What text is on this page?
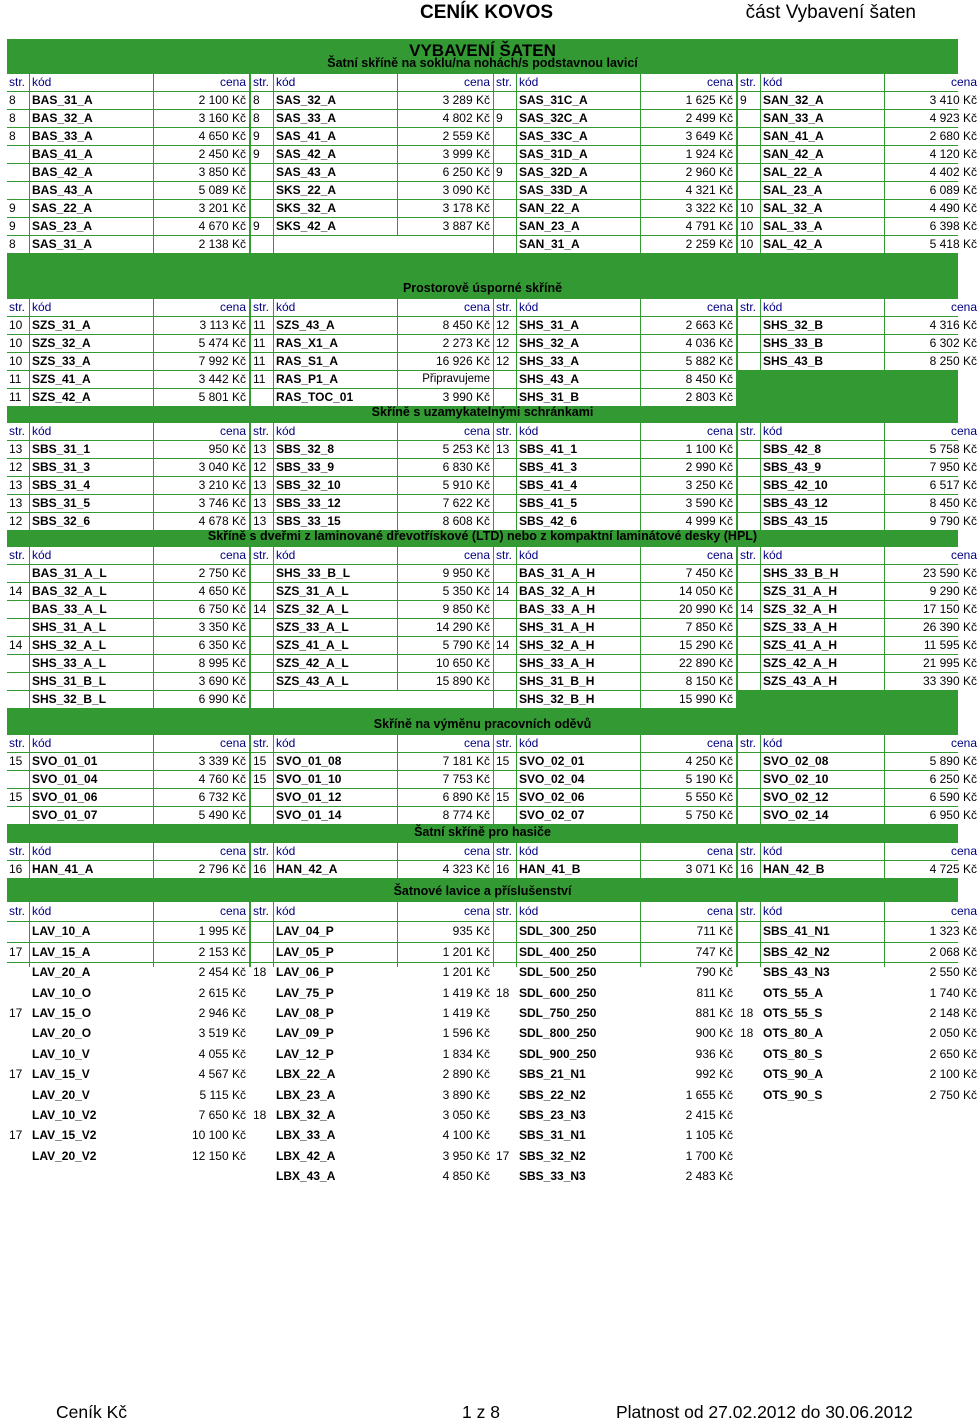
CENÍK KOVOS	část Vybavení šaten
VYBAVENÍ ŠATEN
Šatní skříně na soklu/na nohách/s podstavnou lavicí
str. kód	cena str. kód	cena str. kód	cena str. kód	cena
8	BAS_31_A	2 100 Kč 8	SAS_32_A	3 289 Kč SAS_31C_A	1 625 Kč 9	SAN_32_A	3 410 Kč
8	BAS_32_A	3 160 Kč 8	SAS_33_A	4 802 Kč 9	SAS_32C_A	2 499 Kč	SAN_33_A	4 923 Kč
8	BAS_33_A	4 650 Kč 9	SAS_41_A	2 559 Kč SAS_33C_A	3 649 Kč	SAN_41_A	2 680 Kč
BAS_41_A	2 450 Kč 9	SAS_42_A	3 999 Kč SAS_31D_A	1 924 Kč	SAN_42_A	4 120 Kč
BAS_42_A	3 850 Kč	SAS_43_A	6 250 Kč 9	SAS_32D_A	2 960 Kč	SAL_22_A	4 402 Kč
BAS_43_A	5 089 Kč	SKS_22_A	3 090 Kč SAS_33D_A	4 321 Kč	SAL_23_A	6 089 Kč
9	SAS_22_A	3 201 Kč	SKS_32_A	3 178 Kč SAN_22_A	3 322 Kč 10 SAL_32_A	4 490 Kč
9	SAS_23_A	4 670 Kč 9	SKS_42_A	3 887 Kč SAN_23_A	4 791 Kč 10 SAL_33_A	6 398 Kč
8	SAS_31_A	2 138 Kč	SAN_31_A	2 259 Kč 10 SAL_42_A	5 418 Kč
Prostorově úsporné skříně
str. kód	cena str. kód	cena str. kód	cena str. kód	cena
10 SZS_31_A	3 113 Kč 11 SZS_43_A	8 450 Kč 12 SHS_31_A	2 663 Kč	SHS_32_B	4 316 Kč
10 SZS_32_A	5 474 Kč 11 RAS_X1_A	2 273 Kč 12 SHS_32_A	4 036 Kč	SHS_33_B	6 302 Kč
10 SZS_33_A	7 992 Kč 11 RAS_S1_A	16 926 Kč 12 SHS_33_A	5 882 Kč	SHS_43_B	8 250 Kč
11 SZS_41_A	3 442 Kč 11 RAS_P1_A	Připravujeme SHS_43_A	8 450 Kč
11 SZS_42_A	5 801 Kč	RAS_TOC_01	3 990 Kč SHS_31_B	2 803 Kč
Skříně s uzamykatelnými schránkami
str. kód	cena str. kód	cena str. kód	cena str. kód	cena
13 SBS_31_1	950 Kč 13 SBS_32_8	5 253 Kč 13 SBS_41_1	1 100 Kč	SBS_42_8	5 758 Kč
12 SBS_31_3	3 040 Kč 12 SBS_33_9	6 830 Kč SBS_41_3	2 990 Kč	SBS_43_9	7 950 Kč
13 SBS_31_4	3 210 Kč 13 SBS_32_10	5 910 Kč SBS_41_4	3 250 Kč	SBS_42_10	6 517 Kč
13 SBS_31_5	3 746 Kč 13 SBS_33_12	7 622 Kč SBS_41_5	3 590 Kč	SBS_43_12	8 450 Kč
12 SBS_32_6	4 678 Kč 13 SBS_33_15	8 608 Kč SBS_42_6	4 999 Kč	SBS_43_15	9 790 Kč
Skříně s dveřmi z laminované dřevotřískové (LTD) nebo z kompaktní laminátové desky (HPL)
str. kód	cena str. kód	cena str. kód	cena str. kód	cena
BAS_31_A_L	2 750 Kč	SHS_33_B_L	9 950 Kč BAS_31_A_H	7 450 Kč	SHS_33_B_H	23 590 Kč
14 BAS_32_A_L	4 650 Kč	SZS_31_A_L	5 350 Kč 14 BAS_32_A_H	14 050 Kč	SZS_31_A_H	9 290 Kč
BAS_33_A_L	6 750 Kč 14 SZS_32_A_L	9 850 Kč BAS_33_A_H	20 990 Kč 14 SZS_32_A_H	17 150 Kč
SHS_31_A_L	3 350 Kč	SZS_33_A_L	14 290 Kč SHS_31_A_H	7 850 Kč	SZS_33_A_H	26 390 Kč
14 SHS_32_A_L	6 350 Kč	SZS_41_A_L	5 790 Kč 14 SHS_32_A_H	15 290 Kč	SZS_41_A_H	11 595 Kč
SHS_33_A_L	8 995 Kč	SZS_42_A_L	10 650 Kč SHS_33_A_H	22 890 Kč	SZS_42_A_H	21 995 Kč
SHS_31_B_L	3 690 Kč	SZS_43_A_L	15 890 Kč SHS_31_B_H	8 150 Kč	SZS_43_A_H	33 390 Kč
SHS_32_B_L	6 990 Kč	SHS_32_B_H	15 990 Kč
Skříně na výměnu pracovních oděvů
str. kód	cena str. kód	cena str. kód	cena str. kód	cena
15 SVO_01_01	3 339 Kč 15 SVO_01_08	7 181 Kč 15 SVO_02_01	4 250 Kč	SVO_02_08	5 890 Kč
SVO_01_04	4 760 Kč 15 SVO_01_10	7 753 Kč SVO_02_04	5 190 Kč	SVO_02_10	6 250 Kč
15 SVO_01_06	6 732 Kč	SVO_01_12	6 890 Kč 15 SVO_02_06	5 550 Kč	SVO_02_12	6 590 Kč
SVO_01_07	5 490 Kč	SVO_01_14	8 774 Kč SVO_02_07	5 750 Kč	SVO_02_14	6 950 Kč
Šatní skříně pro hasiče
str. kód	cena str. kód	cena str. kód	cena str. kód	cena
16 HAN_41_A	2 796 Kč 16 HAN_42_A	4 323 Kč 16 HAN_41_B	3 071 Kč 16 HAN_42_B	4 725 Kč
Šatnové lavice a příslušenství
str. kód	cena str. kód	cena str. kód	cena str. kód	cena
LAV_10_A	1 995 Kč	LAV_04_P	935 Kč SDL_300_250	711 Kč	SBS_41_N1	1 323 Kč
17 LAV_15_A	2 153 Kč	LAV_05_P	1 201 Kč SDL_400_250	747 Kč	SBS_42_N2	2 068 Kč
LAV_20_A	2 454 Kč 18 LAV_06_P	1 201 Kč SDL_500_250	790 Kč	SBS_43_N3	2 550 Kč
LAV_10_O	2 615 Kč	LAV_75_P	1 419 Kč 18 SDL_600_250	811 Kč	OTS_55_A	1 740 Kč
17 LAV_15_O	2 946 Kč	LAV_08_P	1 419 Kč SDL_750_250	881 Kč 18 OTS_55_S	2 148 Kč
LAV_20_O	3 519 Kč	LAV_09_P	1 596 Kč SDL_800_250	900 Kč 18 OTS_80_A	2 050 Kč
LAV_10_V	4 055 Kč	LAV_12_P	1 834 Kč SDL_900_250	936 Kč	OTS_80_S	2 650 Kč
17 LAV_15_V	4 567 Kč	LBX_22_A	2 890 Kč SBS_21_N1	992 Kč	OTS_90_A	2 100 Kč
LAV_20_V	5 115 Kč	LBX_23_A	3 890 Kč SBS_22_N2	1 655 Kč	OTS_90_S	2 750 Kč
LAV_10_V2	7 650 Kč 18 LBX_32_A	3 050 Kč SBS_23_N3	2 415 Kč
17 LAV_15_V2	10 100 Kč	LBX_33_A	4 100 Kč SBS_31_N1	1 105 Kč
LAV_20_V2	12 150 Kč	LBX_42_A	3 950 Kč 17 SBS_32_N2	1 700 Kč
LBX_43_A	4 850 Kč SBS_33_N3	2 483 Kč
Ceník Kč	1 z 8	Platnost od 27.02.2012 do 30.06.2012
